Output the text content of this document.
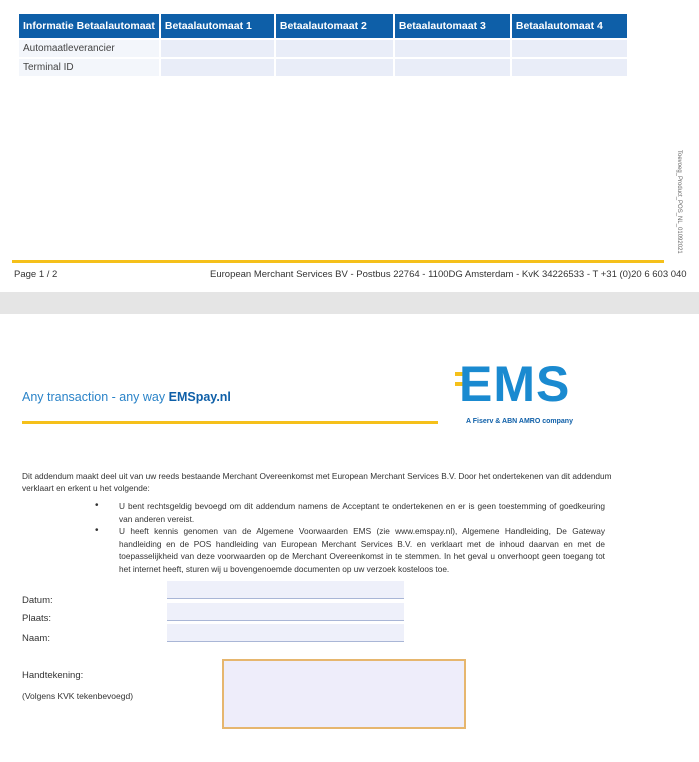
Informatie Betaalautomaat	Betaalautomaat 1	Betaalautomaat 2	Betaalautomaat 3	Betaalautomaat 4
Automaatleverancier				
Terminal ID				
Toevoeg_Product_POS_NL_01092021
Page 1 / 2	European Merchant Services BV - Postbus 22764 - 1100DG Amsterdam - KvK 34226533 - T +31 (0)20 6 603 040
Any transaction - any way EMSpay.nl	EMS
A Fiserv & ABN AMRO company
Dit addendum maakt deel uit van uw reeds bestaande Merchant Overeenkomst met European Merchant Services B.V. Door het ondertekenen van dit addendum verklaart en erkent u het volgende:
• U bent rechtsgeldig bevoegd om dit addendum namens de Acceptant te ondertekenen en er is geen toestemming of goedkeuring van anderen vereist.
• U heeft kennis genomen van de Algemene Voorwaarden EMS (zie www.emspay.nl), Algemene Handleiding, De Gateway handleiding en de POS handleiding van European Merchant Services B.V. en verklaart met de inhoud daarvan en met de toepasselijkheid van deze voorwaarden op de Merchant Overeenkomst in te stemmen. In het geval u onverhoopt geen toegang tot het internet heeft, sturen wij u bovengenoemde documenten op uw verzoek kosteloos toe.
Datum:
Plaats:
Naam:
Handtekening:
(Volgens KVK tekenbevoegd)
